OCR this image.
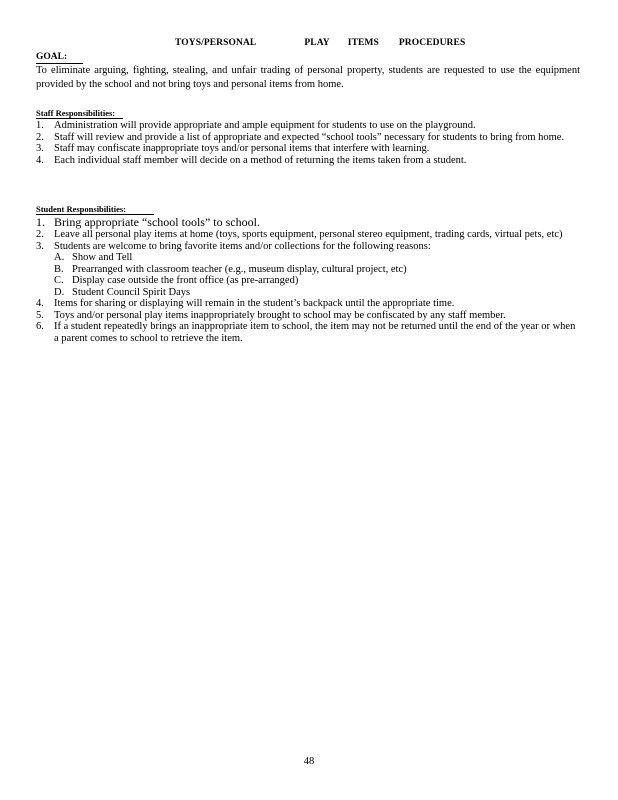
TOYS/PERSONAL	PLAY ITEMS PROCEDURES
GOAL:
To eliminate arguing, fighting, stealing, and unfair trading of personal property, students are requested to use the equipment provided by the school and not bring toys and personal items from home.
Staff Responsibilities:
1. Administration will provide appropriate and ample equipment for students to use on the playground.
2. Staff will review and provide a list of appropriate and expected “school tools” necessary for students to bring from home.
3. Staff may confiscate inappropriate toys and/or personal items that interfere with learning.
4. Each individual staff member will decide on a method of returning the items taken from a student.
Student Responsibilities:
1. Bring appropriate “school tools” to school.
2. Leave all personal play items at home (toys, sports equipment, personal stereo equipment, trading cards, virtual pets, etc)
3. Students are welcome to bring favorite items and/or collections for the following reasons:
A. Show and Tell
B. Prearranged with classroom teacher (e.g., museum display, cultural project, etc)
C. Display case outside the front office (as pre-arranged)
D. Student Council Spirit Days
4. Items for sharing or displaying will remain in the student’s backpack until the appropriate time.
5. Toys and/or personal play items inappropriately brought to school may be confiscated by any staff member.
6. If a student repeatedly brings an inappropriate item to school, the item may not be returned until the end of the year or when a parent comes to school to retrieve the item.
48
